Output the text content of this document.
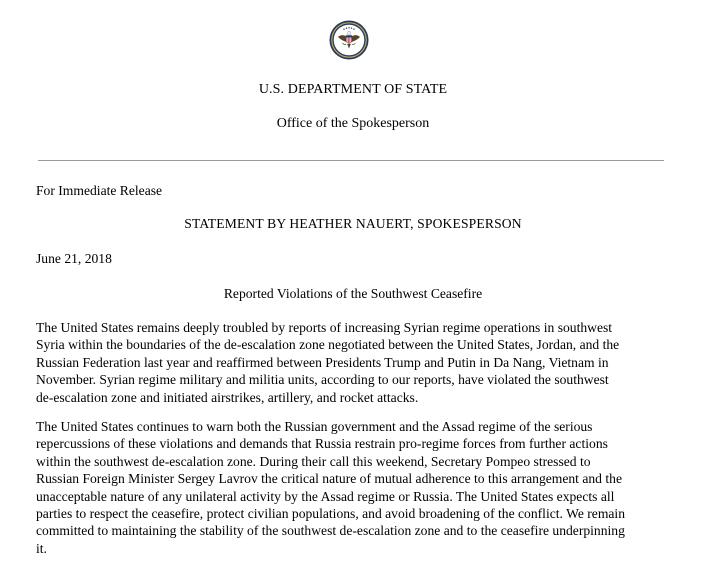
U.S. DEPARTMENT OF STATE
Office of the Spokesperson
For Immediate Release
STATEMENT BY HEATHER NAUERT, SPOKESPERSON
June 21, 2018
Reported Violations of the Southwest Ceasefire

The United States remains deeply troubled by reports of increasing Syrian regime operations in southwest
Syria within the boundaries of the de-escalation zone negotiated between the United States, Jordan, and the
Russian Federation last year and reaffirmed between Presidents Trump and Putin in Da Nang, Vietnam in
November. Syrian regime military and militia units, according to our reports, have violated the southwest
de-escalation zone and initiated airstrikes, artillery, and rocket attacks.

The United States continues to warn both the Russian government and the Assad regime of the serious
repercussions of these violations and demands that Russia restrain pro-regime forces from further actions
within the southwest de-escalation zone. During their call this weekend, Secretary Pompeo stressed to
Russian Foreign Minister Sergey Lavrov the critical nature of mutual adherence to this arrangement and the
unacceptable nature of any unilateral activity by the Assad regime or Russia. The United States expects all
parties to respect the ceasefire, protect civilian populations, and avoid broadening of the conflict. We remain
committed to maintaining the stability of the southwest de-escalation zone and to the ceasefire underpinning
it.
